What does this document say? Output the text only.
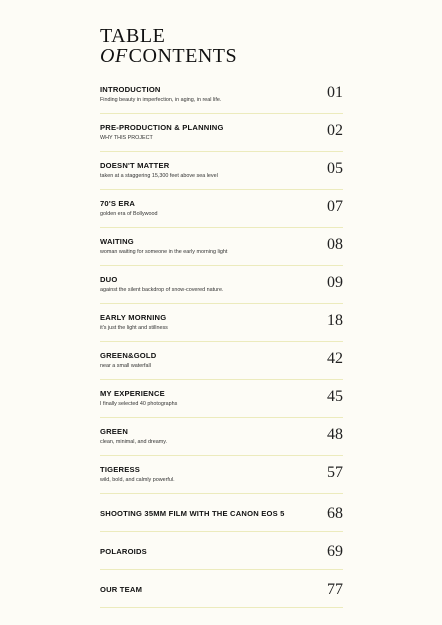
TABLE
OFCONTENTS
INTRODUCTION
Finding beauty in imperfection, in aging, in real life.	01
PRE-PRODUCTION & PLANNING
WHY THIS PROJECT	02
DOESN'T MATTER
taken at a staggering 15,300 feet above sea level	05
70'S ERA
golden era of Bollywood	07
WAITING
woman waiting for someone in the early morning light	08
DUO
against the silent backdrop of snow-covered nature.	09
EARLY MORNING
it's just the light and stillness	18
GREEN&GOLD
near a small waterfall	42
MY EXPERIENCE
I finally selected 40 photographs	45
GREEN
clean, minimal, and dreamy.	48
TIGERESS
wild, bold, and calmly powerful.	57
SHOOTING 35MM FILM WITH THE CANON EOS 5	68
POLAROIDS	69
OUR TEAM	77
